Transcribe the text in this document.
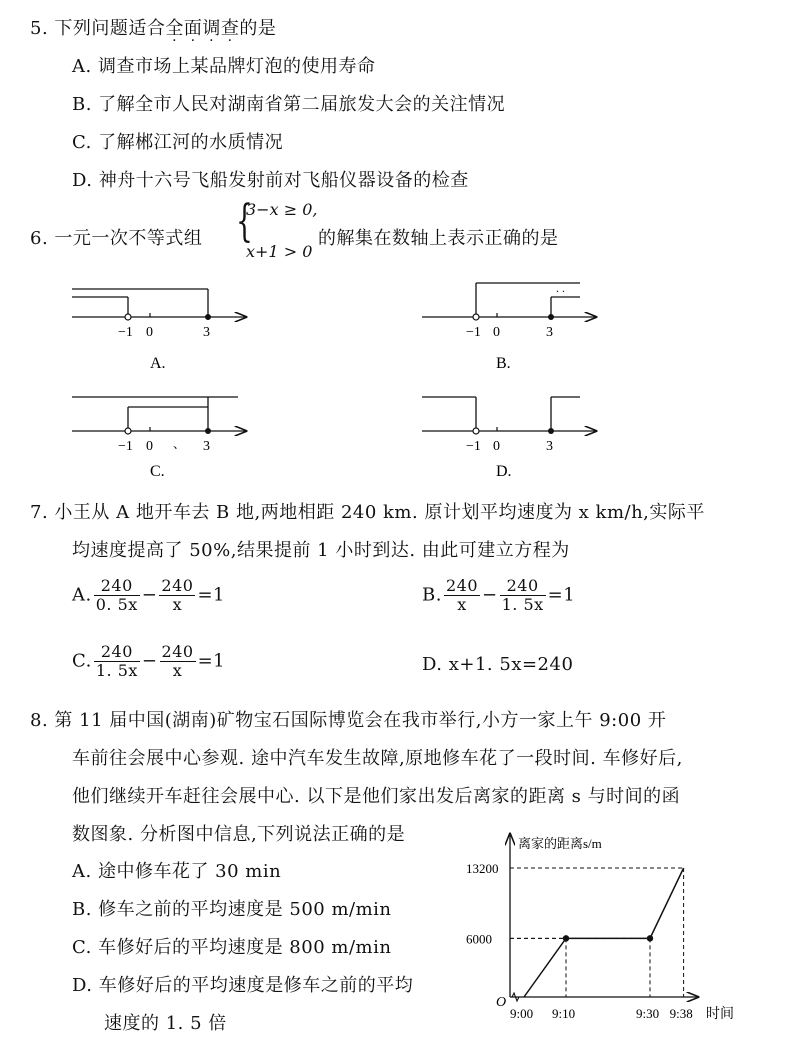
5. 下列问题适合全面调查的是
A. 调查市场上某品牌灯泡的使用寿命
B. 了解全市人民对湖南省第二届旅发大会的关注情况
C. 了解郴江河的水质情况
D. 神舟十六号飞船发射前对飞船仪器设备的检查
6. 一元一次不等式组 {
3−x ≥ 0,
x+1 > 0
的解集在数轴上表示正确的是
−1 0	3
A.
. .
−1 0	3
B.
−1 0 、 3
C.
−1 0	3
D.
7. 小王从 A 地开车去 B 地,两地相距 240 km. 原计划平均速度为 x km/h,实际平
均速度提高了 50%,结果提前 1 小时到达. 由此可建立方程为
A. $\frac{240}{0. 5x} - \frac{240}{x} =1$	B. $\frac{240}{x} - \frac{240}{1. 5x} =1$
C. $\frac{240}{1. 5x} - \frac{240}{x} =1$	D. x+1. 5x=240
8. 第 11 届中国(湖南)矿物宝石国际博览会在我市举行,小方一家上午 9:00 开
车前往会展中心参观. 途中汽车发生故障,原地修车花了一段时间. 车修好后,
他们继续开车赶往会展中心. 以下是他们家出发后离家的距离 s 与时间的函
数图象. 分析图中信息,下列说法正确的是
A. 途中修车花了 30 min
B. 修车之前的平均速度是 500 m/min
C. 车修好后的平均速度是 800 m/min
D. 车修好后的平均速度是修车之前的平均
速度的 1. 5 倍
离家的距离s/m
时间
O
9:00 9:10	9:30 9:38
6000
13200
